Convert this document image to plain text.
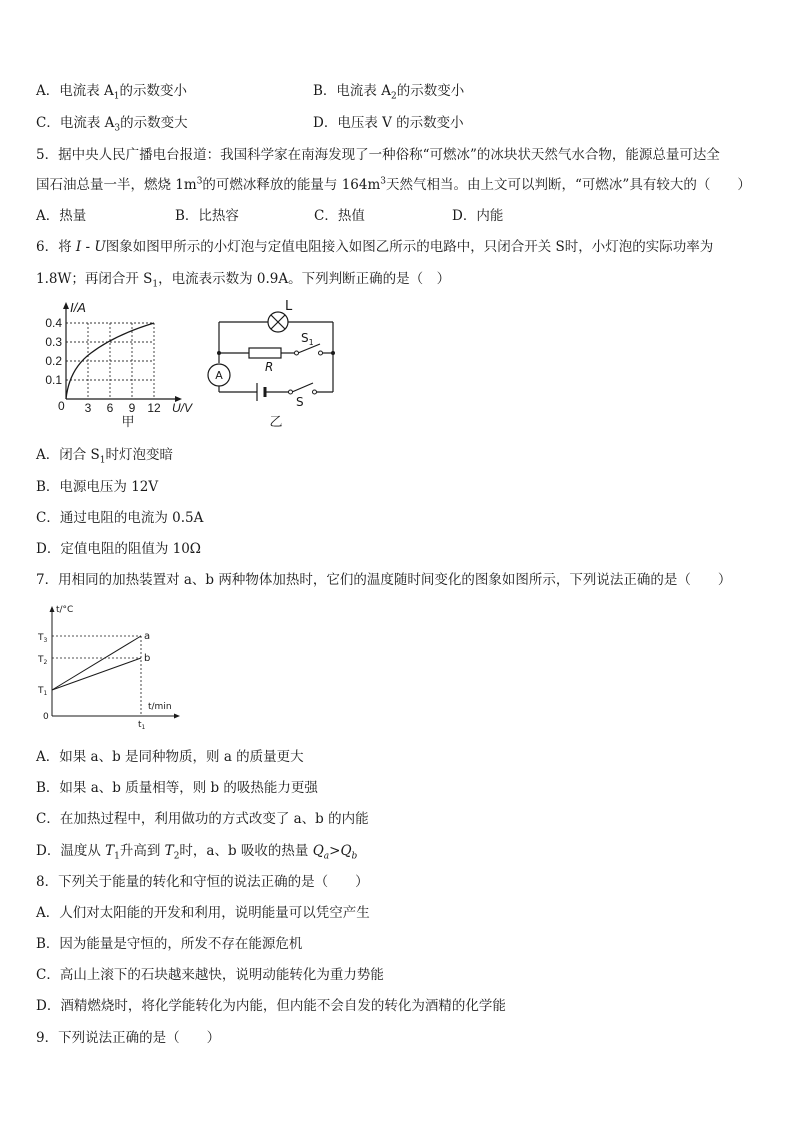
A．电流表 $A_1$的示数变小	B．电流表 $A_2$的示数变小
C．电流表 $A_3$的示数变大	D．电压表 V 的示数变小
5．据中央人民广播电台报道：我国科学家在南海发现了一种俗称“可燃冰”的冰块状天然气水合物，能源总量可达全
国石油总量一半，燃烧 $1m^3$的可燃冰释放的能量与 $164m^3$天然气相当。由上文可以判断，“可燃冰”具有较大的（　　）
A．热量	B．比热容	C．热值	D．内能
6．将 I - U图象如图甲所示的小灯泡与定值电阻接入如图乙所示的电路中，只闭合开关 S时，小灯泡的实际功率为
1.8W；再闭合开 $S_1$，电流表示数为 0.9A。下列判断正确的是（　）
I/A
0.4
0.3
0.2
0.1
0 3 6 9 12 U/V
甲
L
R
$S_1$
S
A
乙
A．闭合 $S_1$时灯泡变暗
B．电源电压为 12V
C．通过电阻的电流为 0.5A
D．定值电阻的阻值为 10Ω
7．用相同的加热装置对 a、b 两种物体加热时，它们的温度随时间变化的图象如图所示，下列说法正确的是（　　）
t/°C
$T_3$
$T_2$
$T_1$
0
a
b
t/min
$t_1$
A．如果 a、b 是同种物质，则 a 的质量更大
B．如果 a、b 质量相等，则 b 的吸热能力更强
C．在加热过程中，利用做功的方式改变了 a、b 的内能
D．温度从 $T_1$升高到 $T_2$时，a、b 吸收的热量 $Q_a>Q_b$
8．下列关于能量的转化和守恒的说法正确的是（　　）
A．人们对太阳能的开发和利用，说明能量可以凭空产生
B．因为能量是守恒的，所发不存在能源危机
C．高山上滚下的石块越来越快，说明动能转化为重力势能
D．酒精燃烧时，将化学能转化为内能，但内能不会自发的转化为酒精的化学能
9．下列说法正确的是（　　）
